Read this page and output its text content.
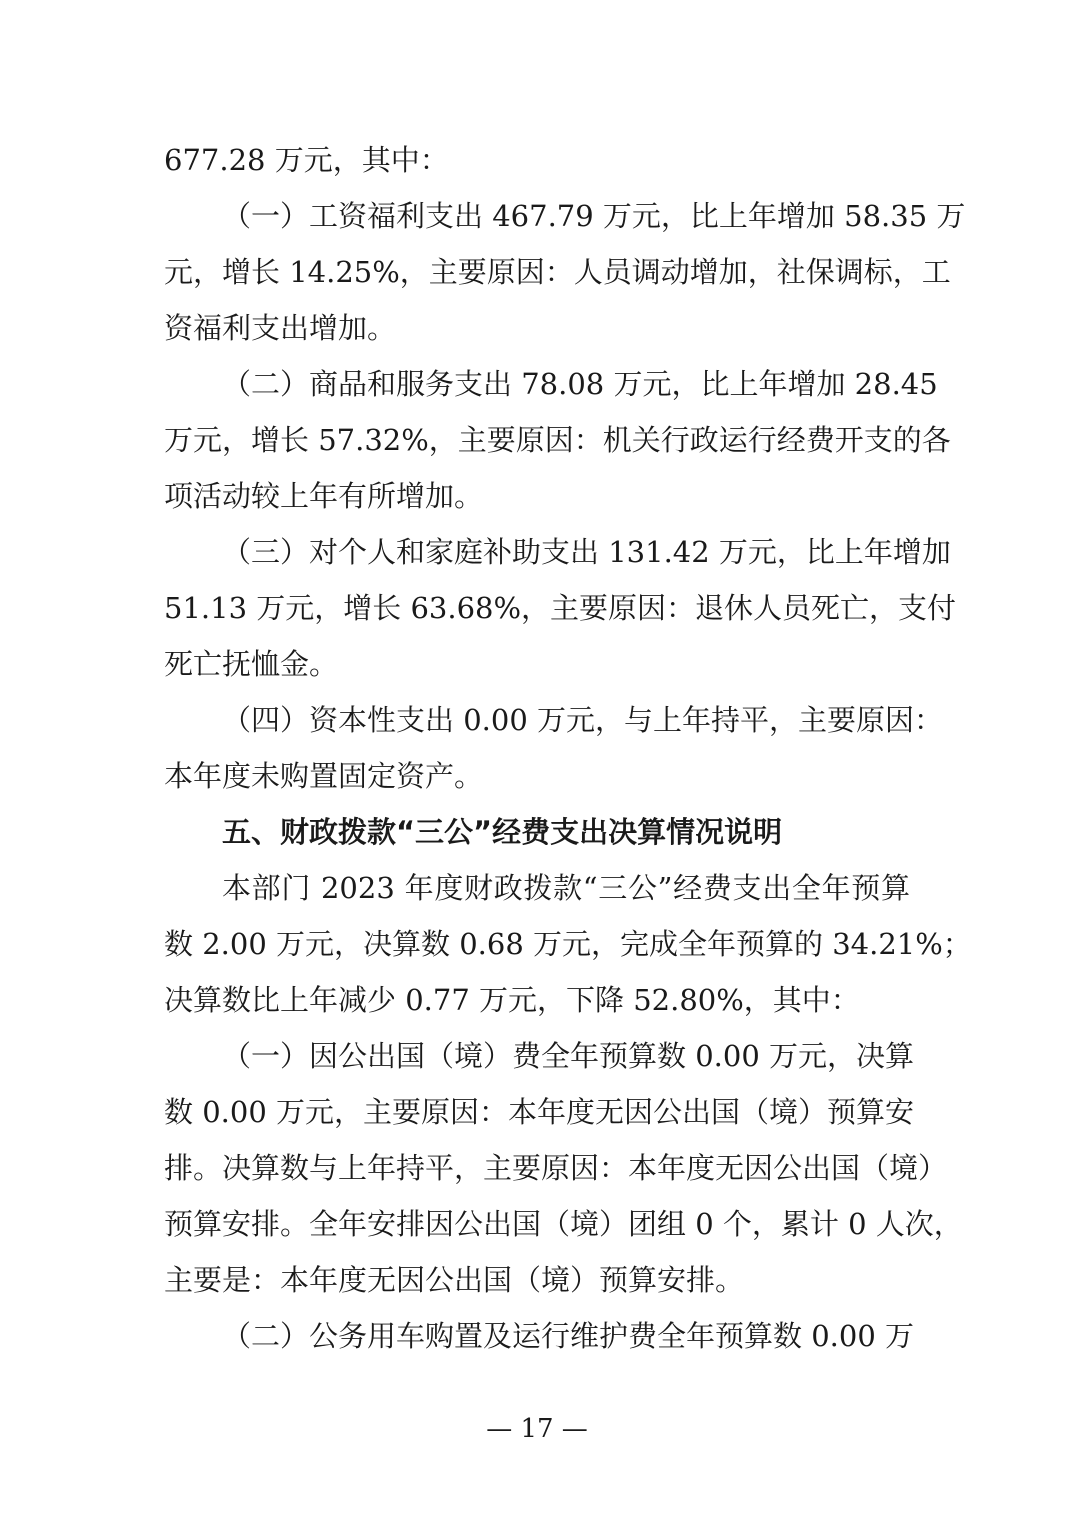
677.28 万元，其中：
（一）工资福利支出 467.79 万元，比上年增加 58.35 万
元，增长 14.25%，主要原因：人员调动增加，社保调标，工
资福利支出增加。
（二）商品和服务支出 78.08 万元，比上年增加 28.45
万元，增长 57.32%，主要原因：机关行政运行经费开支的各
项活动较上年有所增加。
（三）对个人和家庭补助支出 131.42 万元，比上年增加
51.13 万元，增长 63.68%，主要原因：退休人员死亡，支付
死亡抚恤金。
（四）资本性支出 0.00 万元，与上年持平，主要原因：
本年度未购置固定资产。
五、财政拨款“三公”经费支出决算情况说明
本部门 2023 年度财政拨款“三公”经费支出全年预算
数 2.00 万元，决算数 0.68 万元，完成全年预算的 34.21%；
决算数比上年减少 0.77 万元，下降 52.80%，其中：
（一）因公出国（境）费全年预算数 0.00 万元，决算
数 0.00 万元，主要原因：本年度无因公出国（境）预算安
排。决算数与上年持平，主要原因：本年度无因公出国（境）
预算安排。全年安排因公出国（境）团组 0 个，累计 0 人次，
主要是：本年度无因公出国（境）预算安排。
（二）公务用车购置及运行维护费全年预算数 0.00 万
— 17 —
